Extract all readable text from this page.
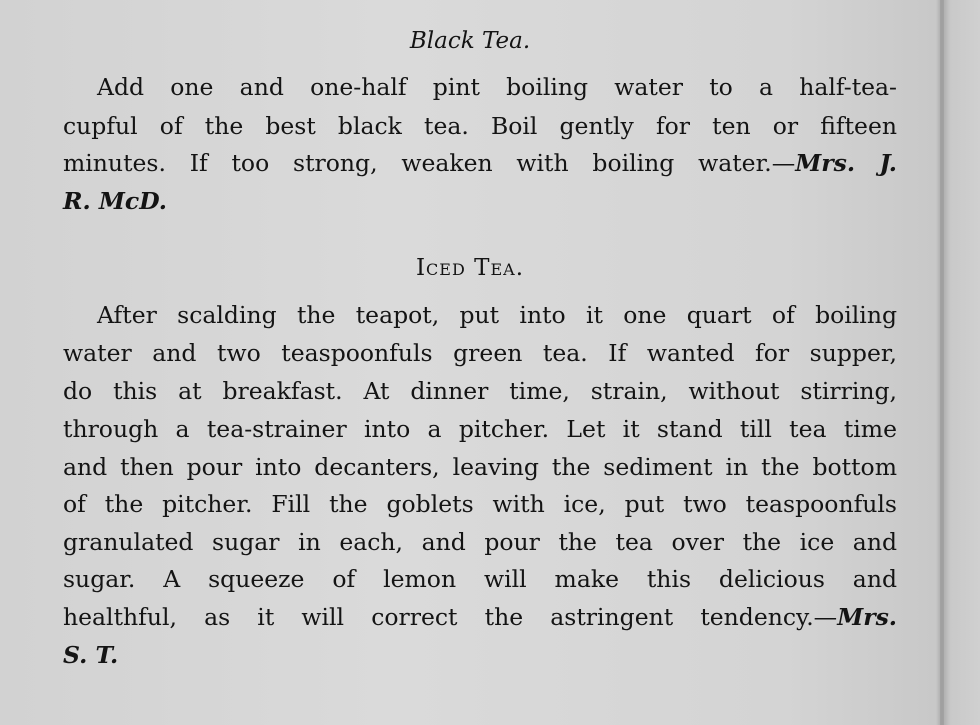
Black Tea.
Add one and one-half pint boiling water to a half-tea-
cupful of the best black tea. Boil gently for ten or fifteen
minutes. If too strong, weaken with boiling water.—Mrs. J.
R. McD.
Iced Tea.
After scalding the teapot, put into it one quart of boiling
water and two teaspoonfuls green tea. If wanted for supper,
do this at breakfast. At dinner time, strain, without stirring,
through a tea-strainer into a pitcher. Let it stand till tea time
and then pour into decanters, leaving the sediment in the bottom
of the pitcher. Fill the goblets with ice, put two teaspoonfuls
granulated sugar in each, and pour the tea over the ice and
sugar. A squeeze of lemon will make this delicious and
healthful, as it will correct the astringent tendency.—Mrs.
S. T.
